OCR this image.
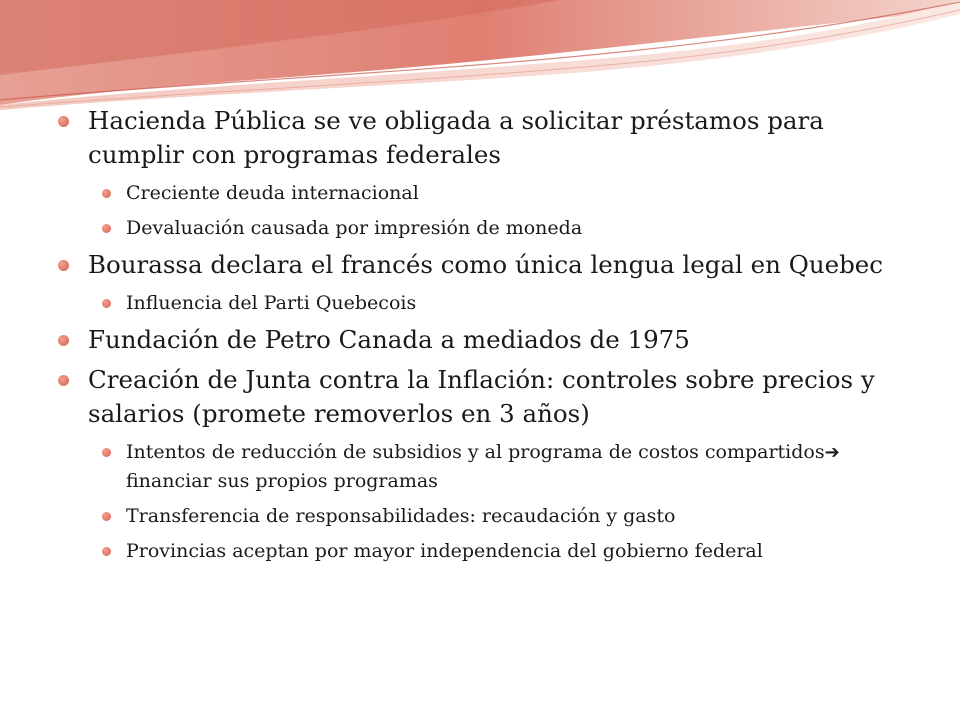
Hacienda Pública se ve obligada a solicitar préstamos para cumplir con programas federales
Creciente deuda internacional
Devaluación causada por impresión de moneda
Bourassa declara el francés como única lengua legal en Quebec
Influencia del Parti Quebecois
Fundación de Petro Canada a mediados de 1975
Creación de Junta contra la Inflación: controles sobre precios y salarios (promete removerlos en 3 años)
Intentos de reducción de subsidios y al programa de costos compartidos➔ financiar sus propios programas
Transferencia de responsabilidades: recaudación y gasto
Provincias aceptan por mayor independencia del gobierno federal
